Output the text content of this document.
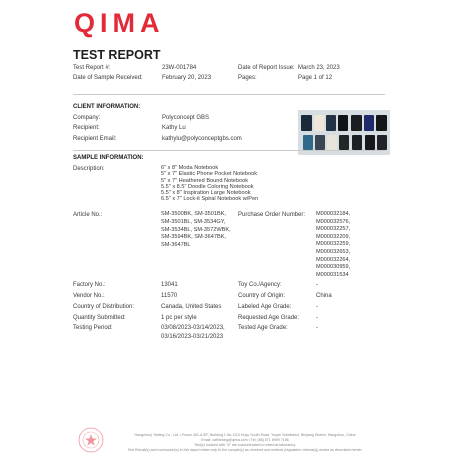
QIMA
TEST REPORT
Test Report #:	23W-001784	Date of Report Issue: March 23, 2023
Date of Sample Received:	February 20, 2023	Pages:	Page 1 of 12
CLIENT INFORMATION:
Company:	Polyconcept GBS
Recipient:	Kathy Lu
Recipient Email:	kathylu@polyconceptgbs.com
SAMPLE INFORMATION:
Description:	6" x 8" Moda Notebook
5" x 7" Elastic Phone Pocket Notebook
5" x 7" Heathered Bound Notebook
5.5" x 8.5" Doodle Coloring Notebook
5.5" x 8" Inspiration Large Notebook
6.5" x 7" Lock-it Spiral Notebook w/Pen
Article No.:	SM-3500BK, SM-3501BK,
SM-3501BL, SM-3534GY,
SM-3534BL, SM-3572WBK,
SM-3594BK, SM-3647BK,
SM-3647BL
Purchase Order Number: M000032184,
M000032576,
M000032257,
M000032209,
M000032259,
M000032653,
M000032264,
M000030959,
M000031534
Factory No.:	13041	Toy Co./Agency:	-
Vendor No.:	11570	Country of Origin:	China
Country of Distribution:	Canada, United States	Labeled Age Grade:	-
Quantity Submitted:	1 pc per style	Requested Age Grade:	-
Testing Period:	03/08/2023-03/14/2023,
03/16/2023-03/21/2023
Tested Age Grade:	-
Hangzhou) Testing Co., Ltd. • Room 401-A 5/F, Building 1 No.1113 Huyu South Road, Yuyan Subdistrict, Binjiang District, Hangzhou, China
Email: cathieking@qima.com • Tel: (86) 571 8999 7156
Test(s) marked with "#" are subcontracted to external laboratory.
Test Result(s) and conclusion(s) in this report relate only to the sample(s) as received and method (regulation criteria(s)) tested as described herein.
